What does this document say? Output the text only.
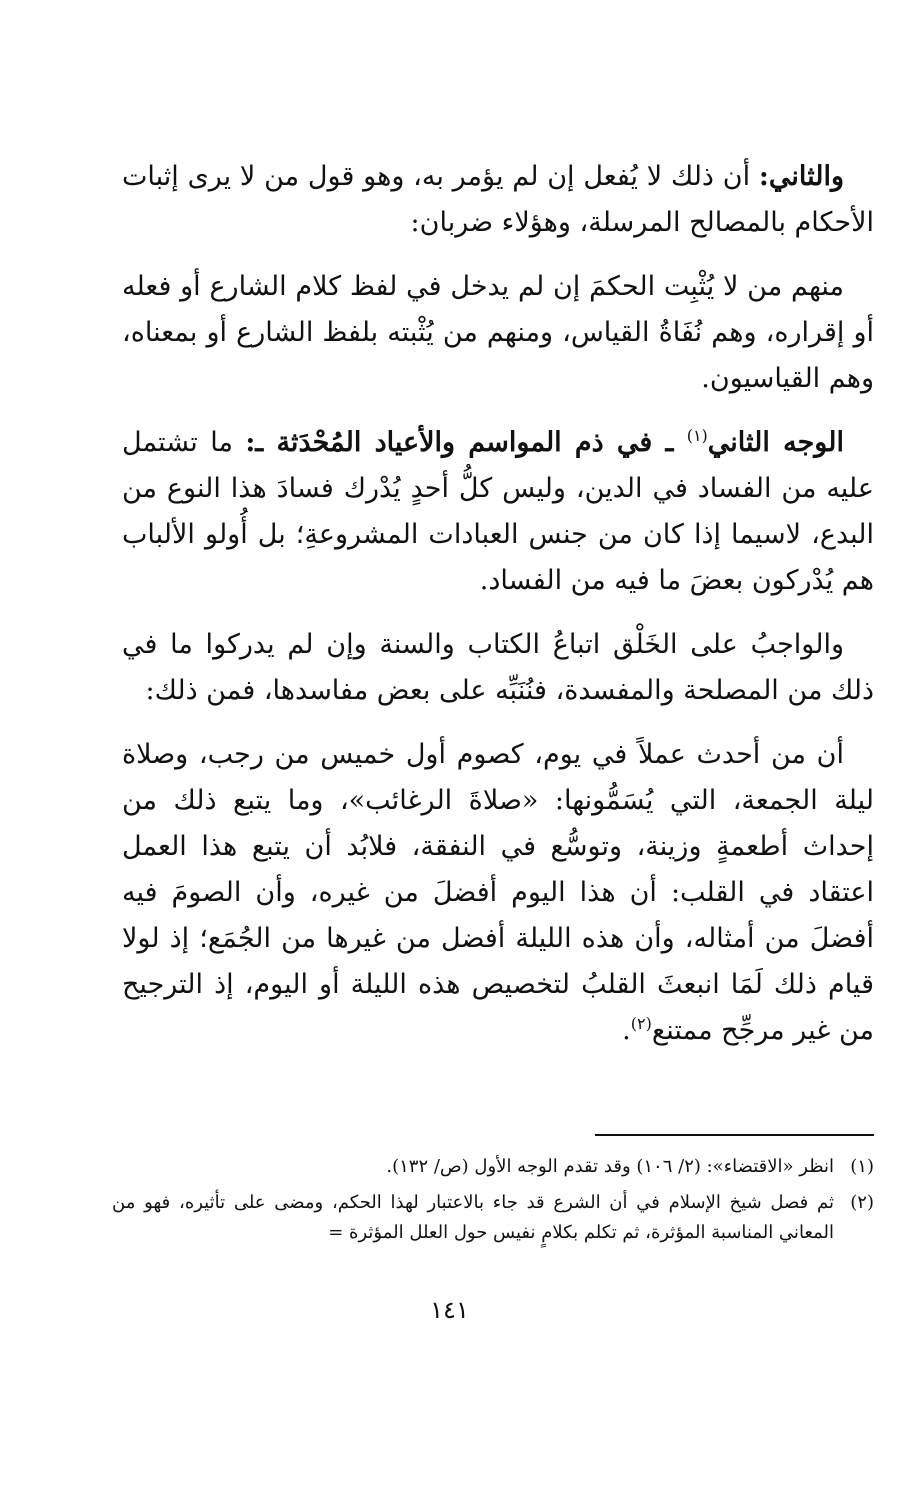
والثاني: أن ذلك لا يُفعل إن لم يؤمر به، وهو قول من لا يرى إثبات الأحكام بالمصالح المرسلة، وهؤلاء ضربان:

منهم من لا يُثْبِت الحكمَ إن لم يدخل في لفظ كلام الشارع أو فعله أو إقراره، وهم نُفَاةُ القياس، ومنهم من يُثْبته بلفظ الشارع أو بمعناه، وهم القياسيون.

الوجه الثاني$^{(١)}$ ـ في ذم المواسم والأعياد المُحْدَثة ـ: ما تشتمل عليه من الفساد في الدين، وليس كلُّ أحدٍ يُدْرك فسادَ هذا النوع من البدع، لاسيما إذا كان من جنس العبادات المشروعةِ؛ بل أُولو الألباب هم يُدْركون بعضَ ما فيه من الفساد.

والواجبُ على الخَلْق اتباعُ الكتاب والسنة وإن لم يدركوا ما في ذلك من المصلحة والمفسدة، فنُنَبِّه على بعض مفاسدها، فمن ذلك:

أن من أحدث عملاً في يوم، كصوم أول خميس من رجب، وصلاة ليلة الجمعة، التي يُسَمُّونها: «صلاةَ الرغائب»، وما يتبع ذلك من إحداث أطعمةٍ وزينة، وتوسُّع في النفقة، فلابُد أن يتبع هذا العمل اعتقاد في القلب: أن هذا اليوم أفضلَ من غيره، وأن الصومَ فيه أفضلَ من أمثاله، وأن هذه الليلة أفضل من غيرها من الجُمَع؛ إذ لولا قيام ذلك لَمَا انبعثَ القلبُ لتخصيص هذه الليلة أو اليوم، إذ الترجيح من غير مرجِّح ممتنع$^{(٢)}$.

(١)
انظر «الاقتضاء»: (٢/ ١٠٦) وقد تقدم الوجه الأول (ص/ ١٣٢).
(٢)
ثم فصل شيخ الإسلام في أن الشرع قد جاء بالاعتبار لهذا الحكم، ومضى على تأثيره، فهو من المعاني المناسبة المؤثرة، ثم تكلم بكلامٍ نفيس حول العلل المؤثرة =
١٤١
